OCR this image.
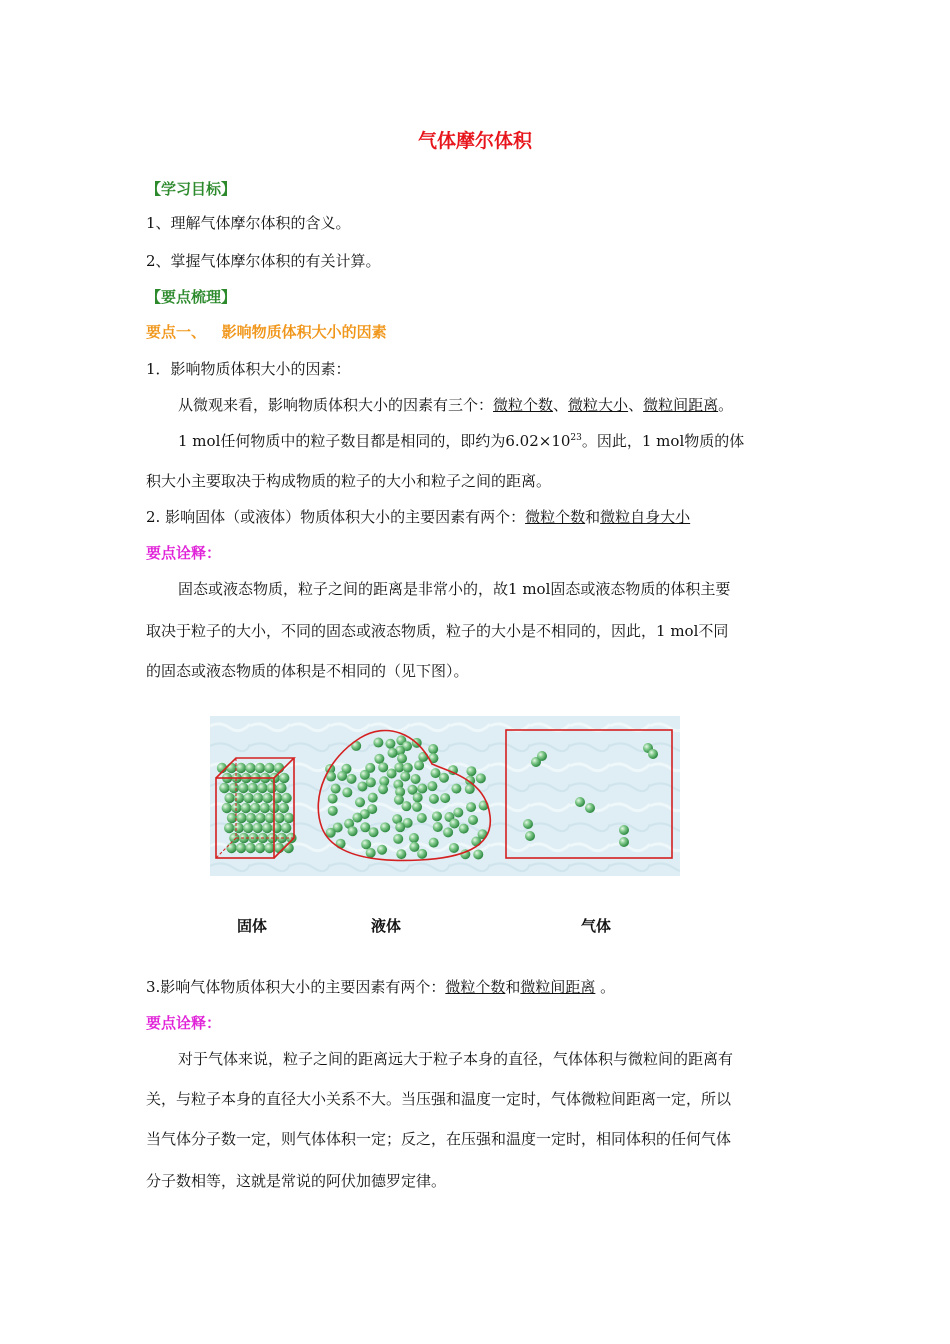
气体摩尔体积
【学习目标】
1、理解气体摩尔体积的含义。
2、掌握气体摩尔体积的有关计算。
【要点梳理】
要点一、   影响物质体积大小的因素
1．影响物质体积大小的因素：
从微观来看，影响物质体积大小的因素有三个：微粒个数、微粒大小、微粒间距离。
1 mol任何物质中的粒子数目都是相同的，即约为$6.02\times 10^{23}$。因此，1 mol物质的体
积大小主要取决于构成物质的粒子的大小和粒子之间的距离。
2. 影响固体（或液体）物质体积大小的主要因素有两个：微粒个数和微粒自身大小
要点诠释：
固态或液态物质，粒子之间的距离是非常小的，故1 mol固态或液态物质的体积主要
取决于粒子的大小，不同的固态或液态物质，粒子的大小是不相同的，因此，1 mol不同
的固态或液态物质的体积是不相同的（见下图）。
固体	液体	气体
3.影响气体物质体积大小的主要因素有两个：微粒个数和微粒间距离 。
要点诠释：
对于气体来说，粒子之间的距离远大于粒子本身的直径，气体体积与微粒间的距离有
关，与粒子本身的直径大小关系不大。当压强和温度一定时，气体微粒间距离一定，所以
当气体分子数一定，则气体体积一定；反之，在压强和温度一定时，相同体积的任何气体
分子数相等，这就是常说的阿伏加德罗定律。
